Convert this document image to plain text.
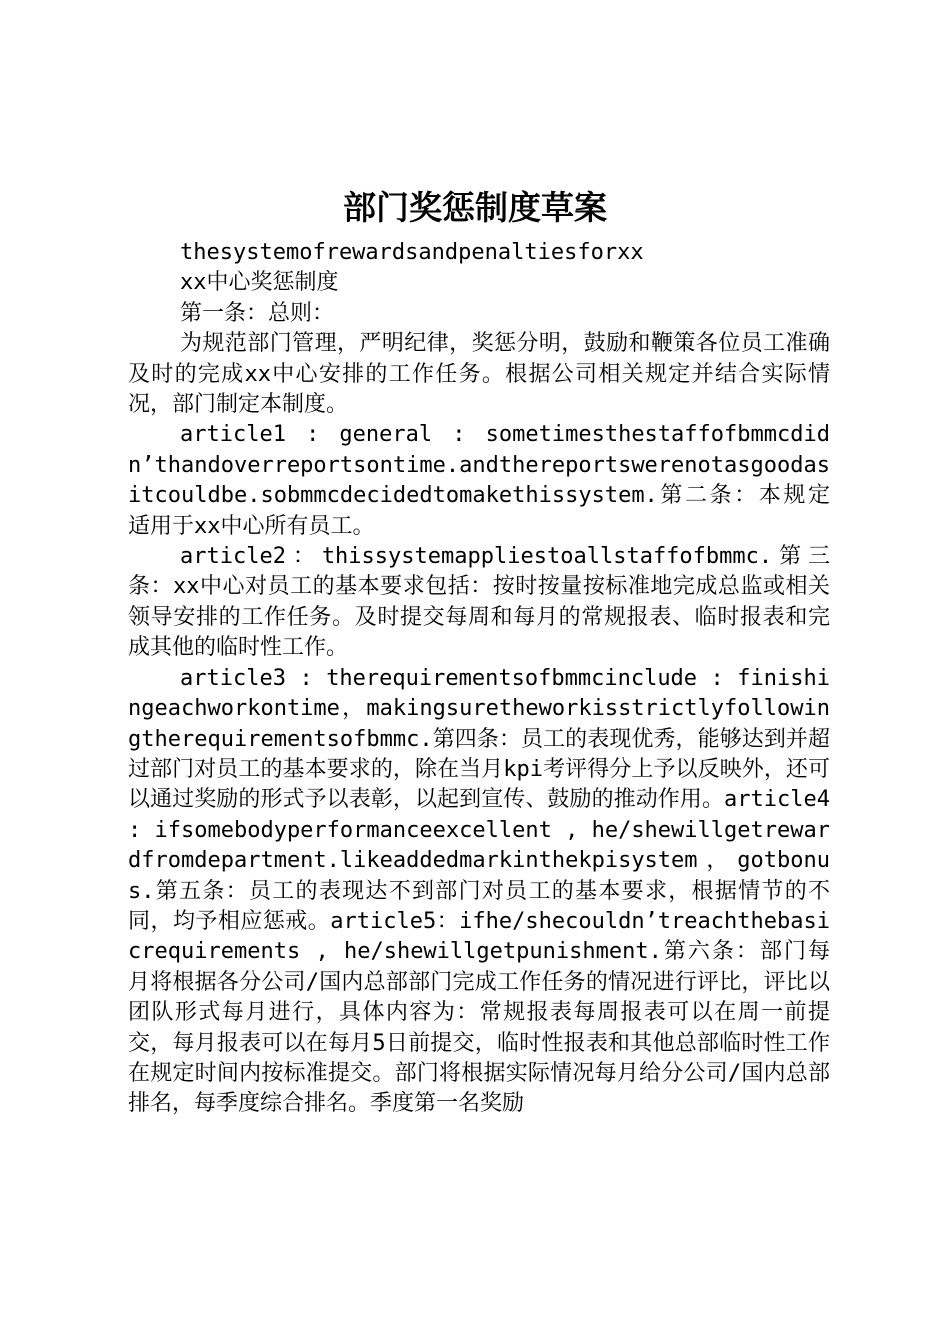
部门奖惩制度草案

thesystemofrewardsandpenaltiesforxx

xx中心奖惩制度

第一条：总则：

为规范部门管理，严明纪律，奖惩分明，鼓励和鞭策各位员工准确及时的完成xx中心安排的工作任务。根据公司相关规定并结合实际情况，部门制定本制度。

article1 : general : sometimesthestaffofbmmcdidn’thandoverreportsontime.andthereportswerenotasgoodasitcouldbe.sobmmcdecidedtomakethissystem.第二条：本规定适用于xx中心所有员工。

article2：thissystemappliestoallstaffofbmmc.第三条：xx中心对员工的基本要求包括：按时按量按标准地完成总监或相关领导安排的工作任务。及时提交每周和每月的常规报表、临时报表和完成其他的临时性工作。

article3 : therequirementsofbmmcinclude : finishingeachworkontime，makingsuretheworkisstrictlyfollowingtherequirementsofbmmc.第四条：员工的表现优秀，能够达到并超过部门对员工的基本要求的，除在当月kpi考评得分上予以反映外，还可以通过奖励的形式予以表彰，以起到宣传、鼓励的推动作用。article4 : ifsomebodyperformanceexcellent , he/shewillgetrewardfromdepartment.likeaddedmarkinthekpisystem，gotbonus.第五条：员工的表现达不到部门对员工的基本要求，根据情节的不同，均予相应惩戒。article5：ifhe/shecouldn’treachthebasicrequirements , he/shewillgetpunishment.第六条：部门每月将根据各分公司/国内总部部门完成工作任务的情况进行评比，评比以团队形式每月进行，具体内容为：常规报表每周报表可以在周一前提交，每月报表可以在每月5日前提交，临时性报表和其他总部临时性工作在规定时间内按标准提交。部门将根据实际情况每月给分公司/国内总部排名，每季度综合排名。季度第一名奖励
